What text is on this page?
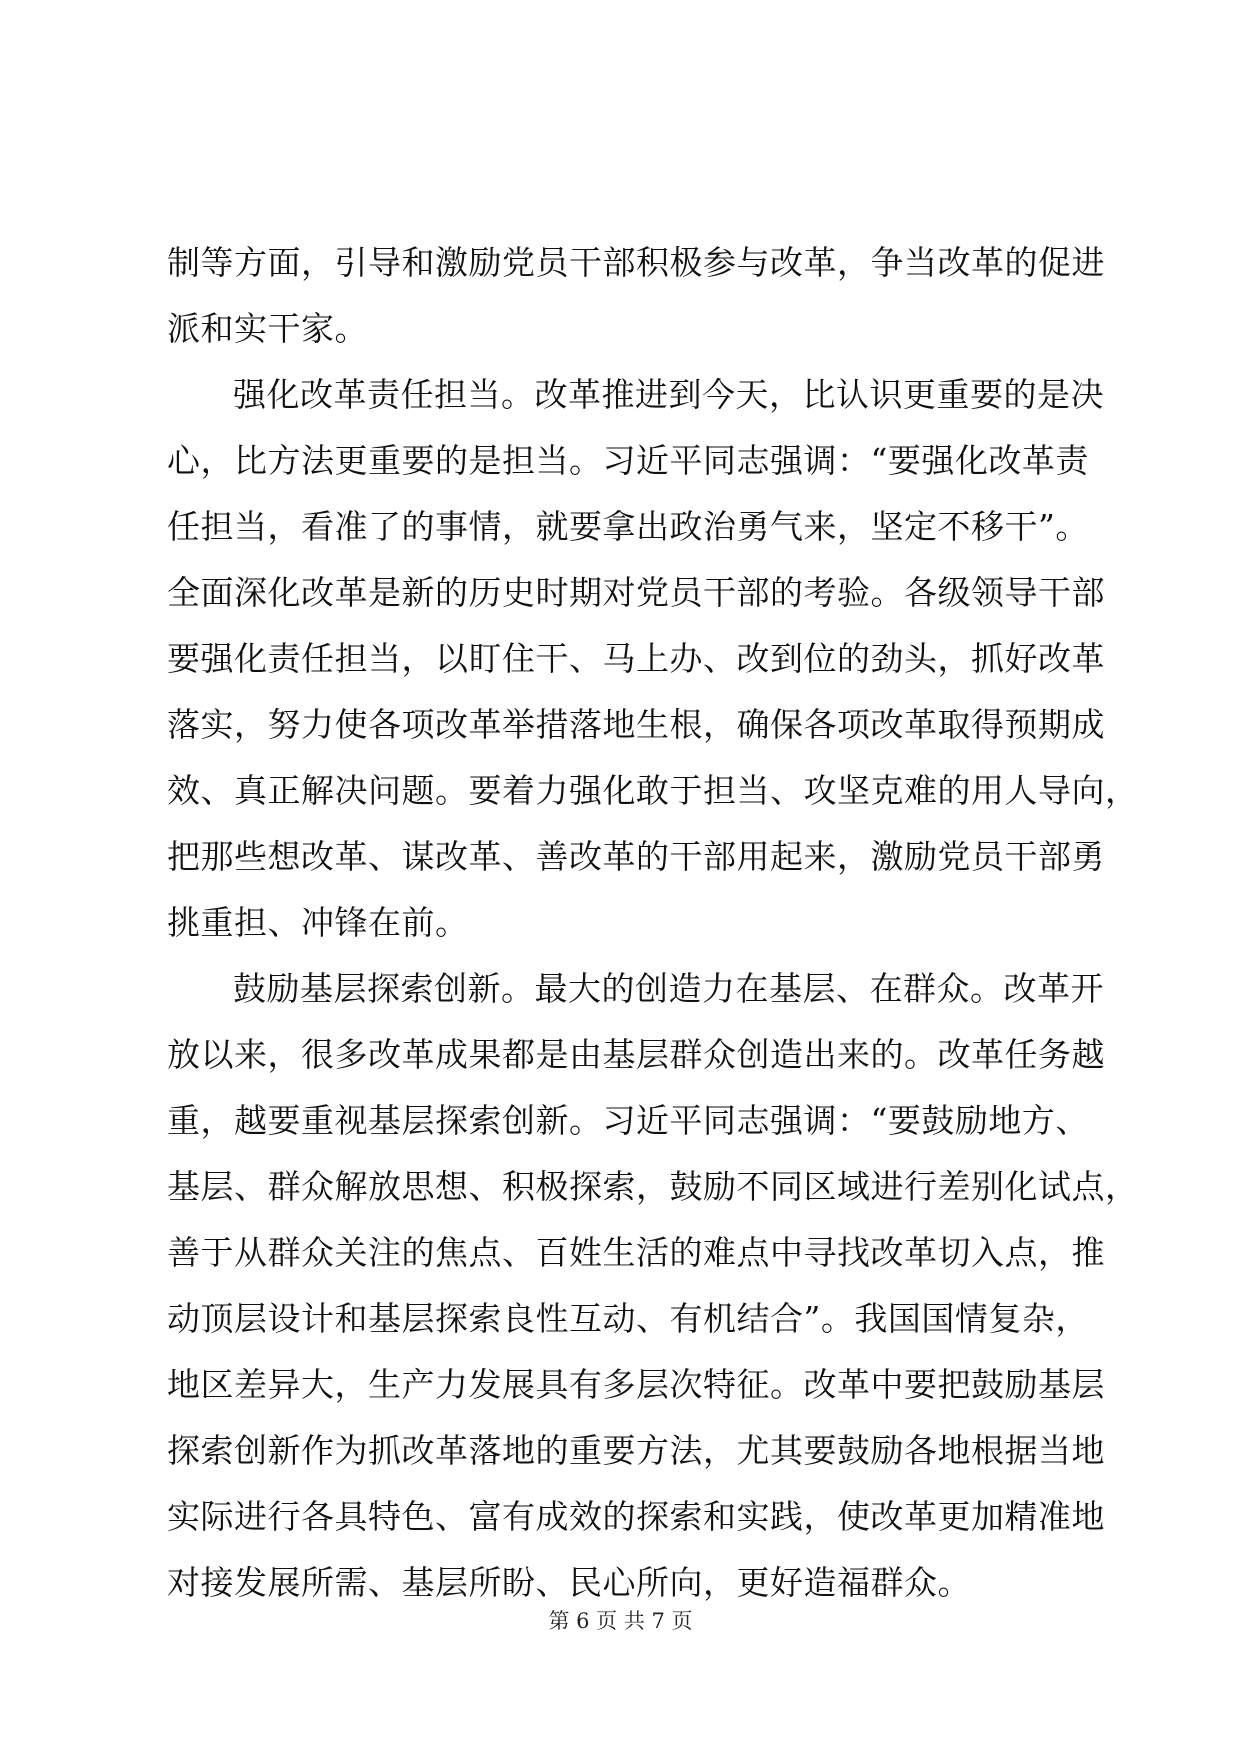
制等方面，引导和激励党员干部积极参与改革，争当改革的促进
派和实干家。
强化改革责任担当。改革推进到今天，比认识更重要的是决
心，比方法更重要的是担当。习近平同志强调：“要强化改革责
任担当，看准了的事情，就要拿出政治勇气来，坚定不移干”。
全面深化改革是新的历史时期对党员干部的考验。各级领导干部
要强化责任担当，以盯住干、马上办、改到位的劲头，抓好改革
落实，努力使各项改革举措落地生根，确保各项改革取得预期成
效、真正解决问题。要着力强化敢于担当、攻坚克难的用人导向，
把那些想改革、谋改革、善改革的干部用起来，激励党员干部勇
挑重担、冲锋在前。
鼓励基层探索创新。最大的创造力在基层、在群众。改革开
放以来，很多改革成果都是由基层群众创造出来的。改革任务越
重，越要重视基层探索创新。习近平同志强调：“要鼓励地方、
基层、群众解放思想、积极探索，鼓励不同区域进行差别化试点，
善于从群众关注的焦点、百姓生活的难点中寻找改革切入点，推
动顶层设计和基层探索良性互动、有机结合”。我国国情复杂，
地区差异大，生产力发展具有多层次特征。改革中要把鼓励基层
探索创新作为抓改革落地的重要方法，尤其要鼓励各地根据当地
实际进行各具特色、富有成效的探索和实践，使改革更加精准地
对接发展所需、基层所盼、民心所向，更好造福群众。
第 6 页 共 7 页
